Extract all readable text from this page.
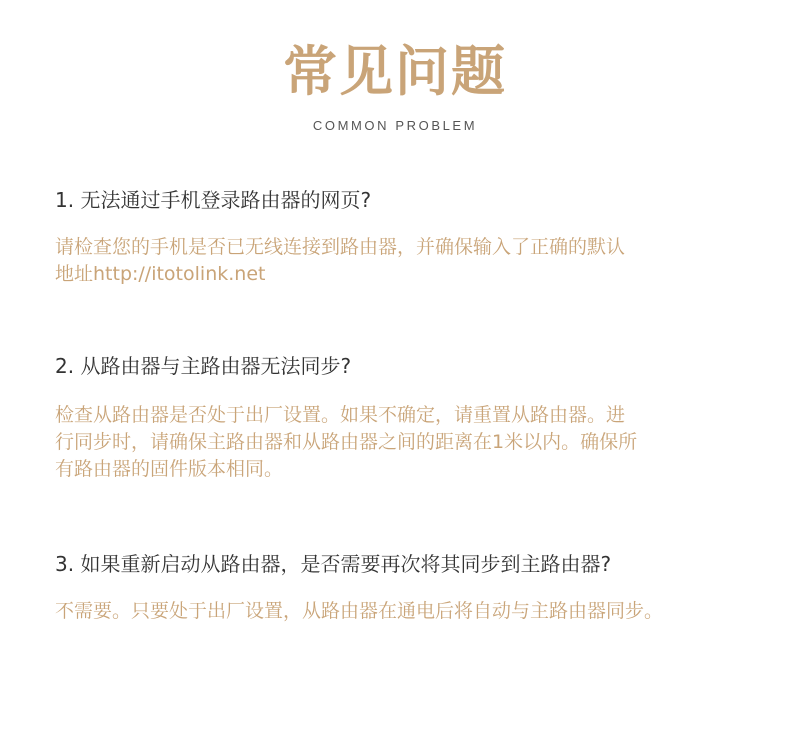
常见问题
COMMON PROBLEM
1. 无法通过手机登录路由器的网页?
请检查您的手机是否已无线连接到路由器，并确保输入了正确的默认
地址http://itotolink.net
2. 从路由器与主路由器无法同步?
检查从路由器是否处于出厂设置。如果不确定，请重置从路由器。进
行同步时，请确保主路由器和从路由器之间的距离在1米以内。确保所
有路由器的固件版本相同。
3. 如果重新启动从路由器，是否需要再次将其同步到主路由器?
不需要。只要处于出厂设置，从路由器在通电后将自动与主路由器同步。
